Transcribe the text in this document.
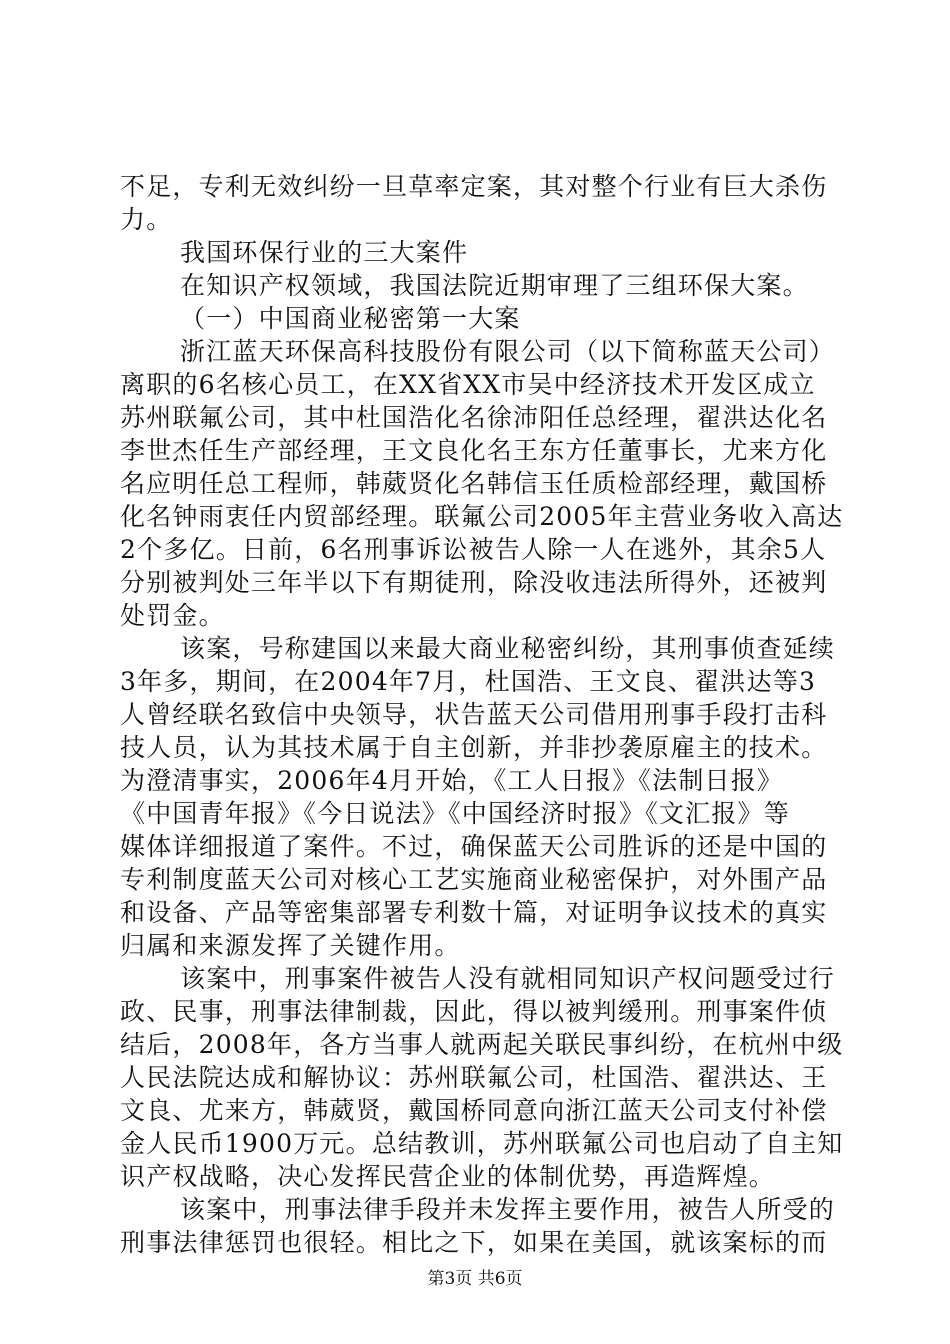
不足，专利无效纠纷一旦草率定案，其对整个行业有巨大杀伤
力。
我国环保行业的三大案件
在知识产权领域，我国法院近期审理了三组环保大案。
（一）中国商业秘密第一大案
浙江蓝天环保高科技股份有限公司（以下简称蓝天公司）
离职的6名核心员工，在XX省XX市吴中经济技术开发区成立
苏州联氟公司，其中杜国浩化名徐沛阳任总经理，翟洪达化名
李世杰任生产部经理，王文良化名王东方任董事长，尤来方化
名应明任总工程师，韩葳贤化名韩信玉任质检部经理，戴国桥
化名钟雨衷任内贸部经理。联氟公司2005年主营业务收入高达
2个多亿。日前，6名刑事诉讼被告人除一人在逃外，其余5人
分别被判处三年半以下有期徒刑，除没收违法所得外，还被判
处罚金。
该案，号称建国以来最大商业秘密纠纷，其刑事侦查延续
3年多，期间，在2004年7月，杜国浩、王文良、翟洪达等3
人曾经联名致信中央领导，状告蓝天公司借用刑事手段打击科
技人员，认为其技术属于自主创新，并非抄袭原雇主的技术。
为澄清事实，2006年4月开始，《工人日报》《法制日报》
《中国青年报》《今日说法》《中国经济时报》《文汇报》等
媒体详细报道了案件。不过，确保蓝天公司胜诉的还是中国的
专利制度蓝天公司对核心工艺实施商业秘密保护，对外围产品
和设备、产品等密集部署专利数十篇，对证明争议技术的真实
归属和来源发挥了关键作用。
该案中，刑事案件被告人没有就相同知识产权问题受过行
政、民事，刑事法律制裁，因此，得以被判缓刑。刑事案件侦
结后，2008年，各方当事人就两起关联民事纠纷，在杭州中级
人民法院达成和解协议：苏州联氟公司，杜国浩、翟洪达、王
文良、尤来方，韩葳贤，戴国桥同意向浙江蓝天公司支付补偿
金人民币1900万元。总结教训，苏州联氟公司也启动了自主知
识产权战略，决心发挥民营企业的体制优势，再造辉煌。
该案中，刑事法律手段并未发挥主要作用，被告人所受的
刑事法律惩罚也很轻。相比之下，如果在美国，就该案标的而
第3页 共6页
